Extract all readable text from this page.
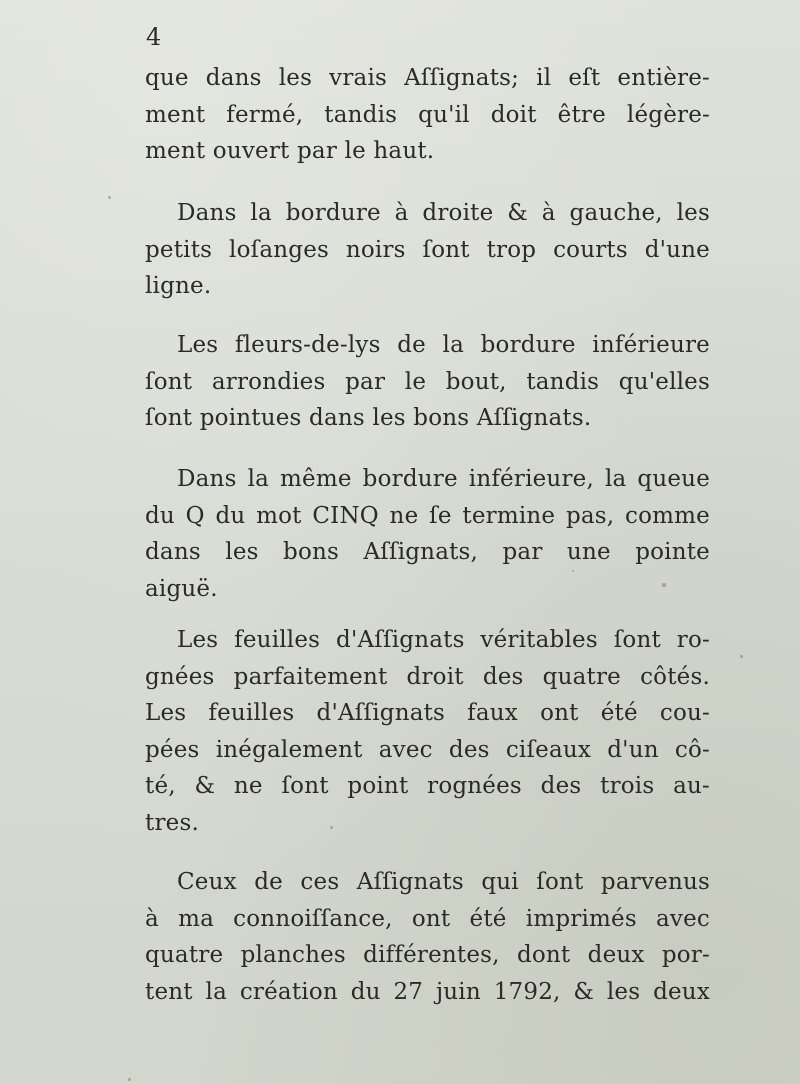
4
que dans les vrais Aſſignats; il eſt entière-
ment fermé, tandis qu'il doit être légère-
ment ouvert par le haut.
Dans la bordure à droite & à gauche, les
petits loſanges noirs ſont trop courts d'une
ligne.
Les fleurs-de-lys de la bordure inférieure
ſont arrondies par le bout, tandis qu'elles
ſont pointues dans les bons Aſſignats.
Dans la même bordure inférieure, la queue
du Q du mot CINQ ne ſe termine pas, comme
dans les bons Aſſignats, par une pointe
aiguë.
Les feuilles d'Aſſignats véritables ſont ro-
gnées parfaitement droit des quatre côtés.
Les feuilles d'Aſſignats faux ont été cou-
pées inégalement avec des ciſeaux d'un cô-
té, & ne ſont point rognées des trois au-
tres.
Ceux de ces Aſſignats qui ſont parvenus
à ma connoiſſance, ont été imprimés avec
quatre planches différentes, dont deux por-
tent la création du 27 juin 1792, & les deux
